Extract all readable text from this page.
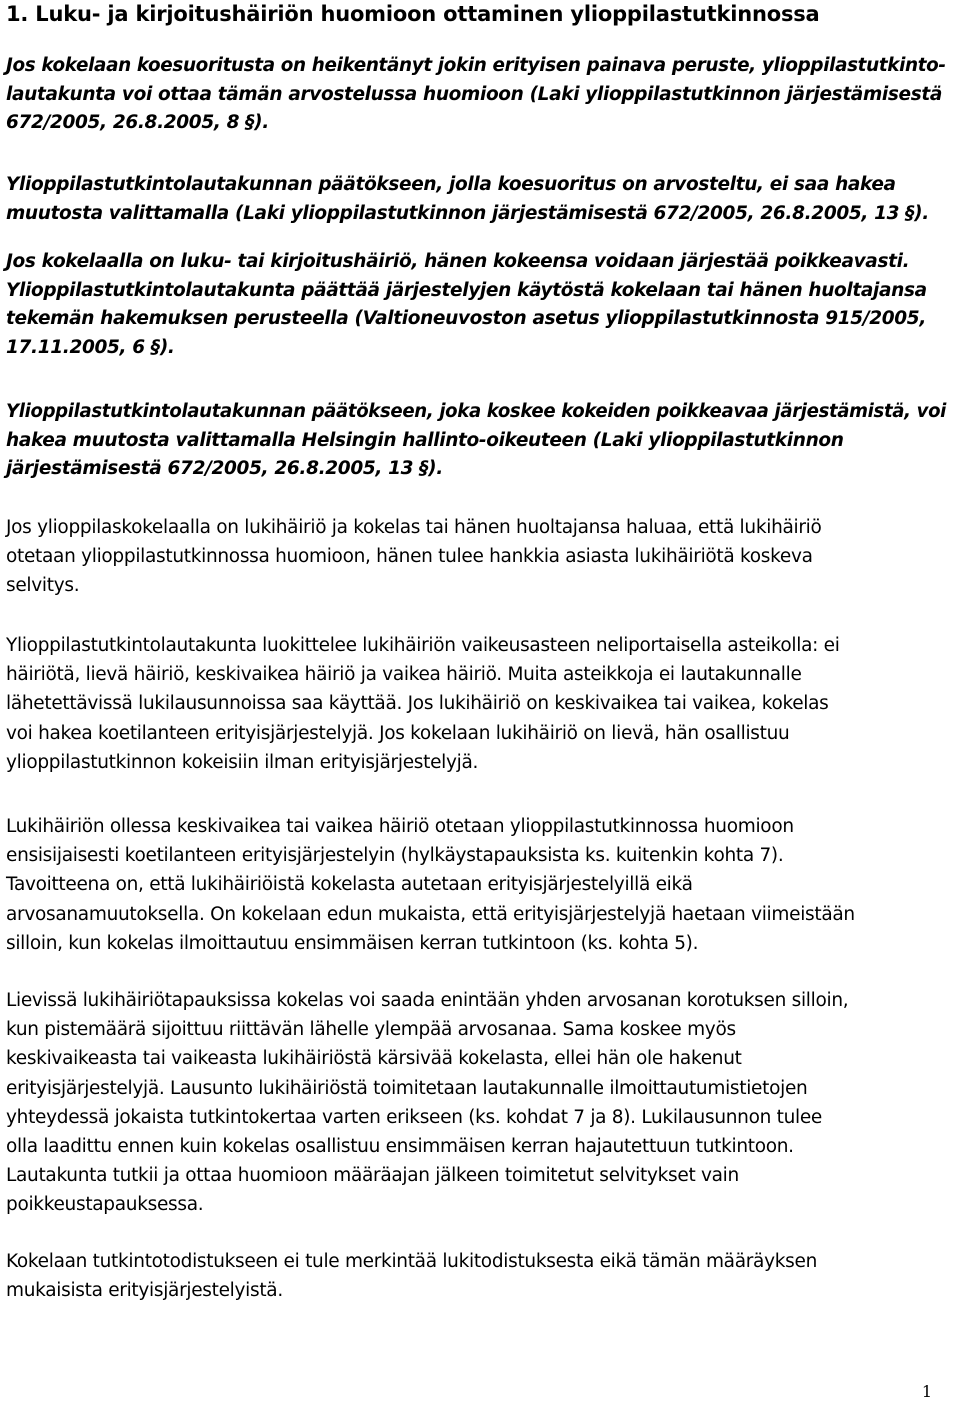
1. Luku- ja kirjoitushäiriön huomioon ottaminen ylioppilastutkinnossa

Jos kokelaan koesuoritusta on heikentänyt jokin erityisen painava peruste, ylioppilastutkinto-
lautakunta voi ottaa tämän arvostelussa huomioon (Laki ylioppilastutkinnon järjestämisestä
672/2005, 26.8.2005, 8 §).

Ylioppilastutkintolautakunnan päätökseen, jolla koesuoritus on arvosteltu, ei saa hakea
muutosta valittamalla (Laki ylioppilastutkinnon järjestämisestä 672/2005, 26.8.2005, 13 §).

Jos kokelaalla on luku- tai kirjoitushäiriö, hänen kokeensa voidaan järjestää poikkeavasti.
Ylioppilastutkintolautakunta päättää järjestelyjen käytöstä kokelaan tai hänen huoltajansa
tekemän hakemuksen perusteella (Valtioneuvoston asetus ylioppilastutkinnosta 915/2005,
17.11.2005, 6 §).

Ylioppilastutkintolautakunnan päätökseen, joka koskee kokeiden poikkeavaa järjestämistä, voi
hakea muutosta valittamalla Helsingin hallinto-oikeuteen (Laki ylioppilastutkinnon
järjestämisestä 672/2005, 26.8.2005, 13 §).

Jos ylioppilaskokelaalla on lukihäiriö ja kokelas tai hänen huoltajansa haluaa, että lukihäiriö
otetaan ylioppilastutkinnossa huomioon, hänen tulee hankkia asiasta lukihäiriötä koskeva
selvitys.

Ylioppilastutkintolautakunta luokittelee lukihäiriön vaikeusasteen neliportaisella asteikolla: ei
häiriötä, lievä häiriö, keskivaikea häiriö ja vaikea häiriö. Muita asteikkoja ei lautakunnalle
lähetettävissä lukilausunnoissa saa käyttää. Jos lukihäiriö on keskivaikea tai vaikea, kokelas
voi hakea koetilanteen erityisjärjestelyjä. Jos kokelaan lukihäiriö on lievä, hän osallistuu
ylioppilastutkinnon kokeisiin ilman erityisjärjestelyjä.

Lukihäiriön ollessa keskivaikea tai vaikea häiriö otetaan ylioppilastutkinnossa huomioon
ensisijaisesti koetilanteen erityisjärjestelyin (hylkäystapauksista ks. kuitenkin kohta 7).
Tavoitteena on, että lukihäiriöistä kokelasta autetaan erityisjärjestelyillä eikä
arvosanamuutoksella. On kokelaan edun mukaista, että erityisjärjestelyjä haetaan viimeistään
silloin, kun kokelas ilmoittautuu ensimmäisen kerran tutkintoon (ks. kohta 5).

Lievissä lukihäiriötapauksissa kokelas voi saada enintään yhden arvosanan korotuksen silloin,
kun pistemäärä sijoittuu riittävän lähelle ylempää arvosanaa. Sama koskee myös
keskivaikeasta tai vaikeasta lukihäiriöstä kärsivää kokelasta, ellei hän ole hakenut
erityisjärjestelyjä. Lausunto lukihäiriöstä toimitetaan lautakunnalle ilmoittautumistietojen
yhteydessä jokaista tutkintokertaa varten erikseen (ks. kohdat 7 ja 8). Lukilausunnon tulee
olla laadittu ennen kuin kokelas osallistuu ensimmäisen kerran hajautettuun tutkintoon.
Lautakunta tutkii ja ottaa huomioon määräajan jälkeen toimitetut selvitykset vain
poikkeustapauksessa.

Kokelaan tutkintotodistukseen ei tule merkintää lukitodistuksesta eikä tämän määräyksen
mukaisista erityisjärjestelyistä.

1
